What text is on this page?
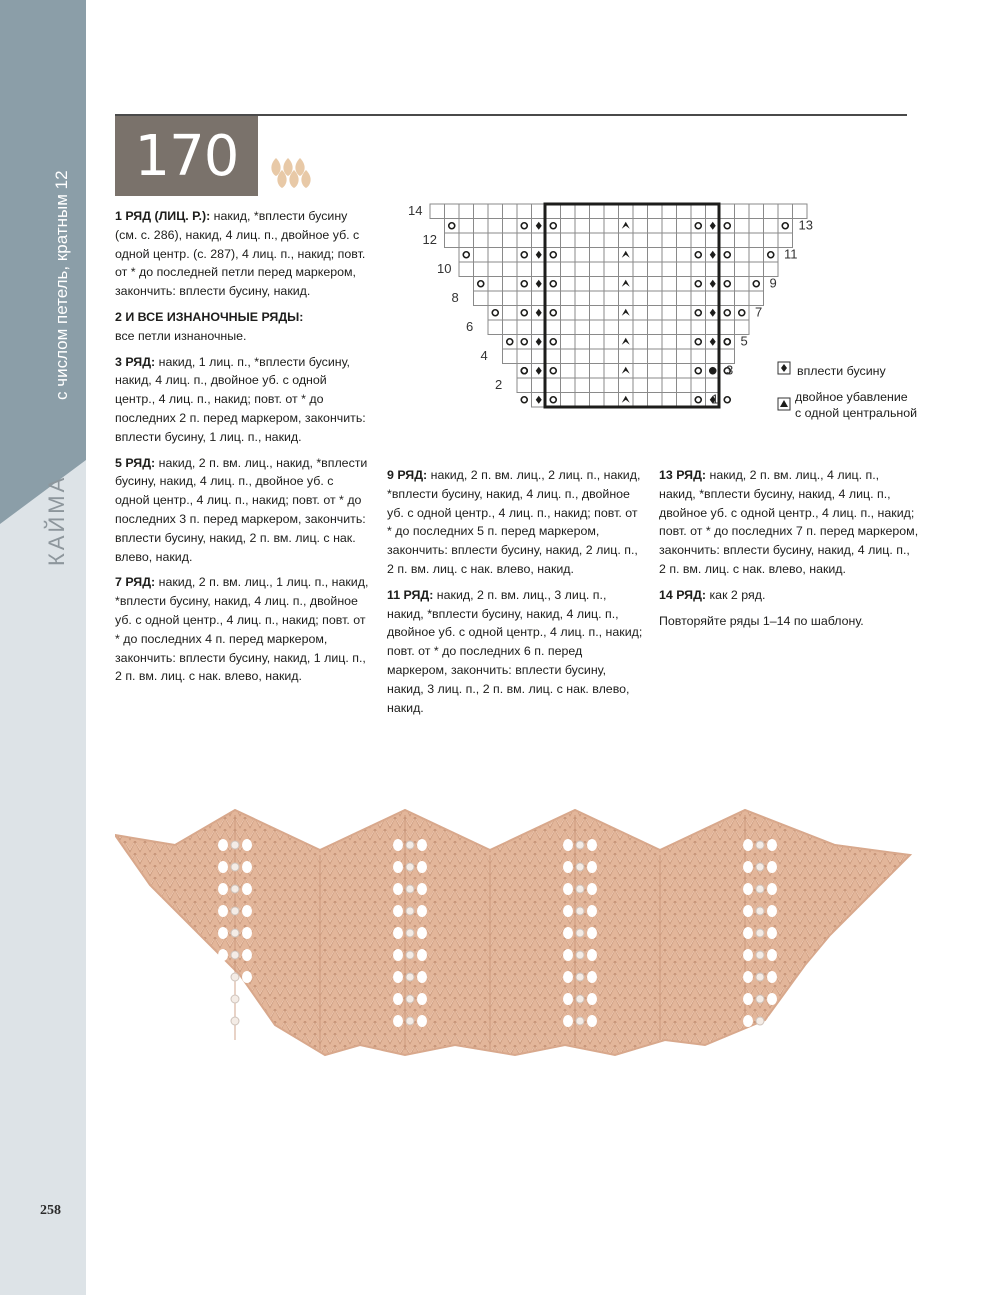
с числом петель, кратным 12
КАЙМА
258
170

1 РЯД (ЛИЦ. Р.): накид, *вплести бусину (см. с. 286), накид, 4 лиц. п., двойное уб. с одной центр. (с. 287), 4 лиц. п., накид; повт. от * до последней петли перед маркером, закончить: вплести бусину, накид.

2 И ВСЕ ИЗНАНОЧНЫЕ РЯДЫ:
все петли изнаночные.

3 РЯД: накид, 1 лиц. п., *вплести бусину, накид, 4 лиц. п., двойное уб. с одной центр., 4 лиц. п., накид; повт. от * до последних 2 п. перед маркером, закончить: вплести бусину, 1 лиц. п., накид.

5 РЯД: накид, 2 п. вм. лиц., накид, *вплести бусину, накид, 4 лиц. п., двойное уб. с одной центр., 4 лиц. п., накид; повт. от * до последних 3 п. перед маркером, закончить: вплести бусину, накид, 2 п. вм. лиц. с нак. влево, накид.

7 РЯД: накид, 2 п. вм. лиц., 1 лиц. п., накид, *вплести бусину, накид, 4 лиц. п., двойное уб. с одной центр., 4 лиц. п., накид; повт. от * до последних 4 п. перед маркером, закончить: вплести бусину, накид, 1 лиц. п., 2 п. вм. лиц. с нак. влево, накид.

9 РЯД: накид, 2 п. вм. лиц., 2 лиц. п., накид, *вплести бусину, накид, 4 лиц. п., двойное уб. с одной центр., 4 лиц. п., накид; повт. от * до последних 5 п. перед маркером, закончить: вплести бусину, накид, 2 лиц. п., 2 п. вм. лиц. с нак. влево, накид.

11 РЯД: накид, 2 п. вм. лиц., 3 лиц. п., накид, *вплести бусину, накид, 4 лиц. п., двойное уб. с одной центр., 4 лиц. п., накид; повт. от * до последних 6 п. перед маркером, закончить: вплести бусину, накид, 3 лиц. п., 2 п. вм. лиц. с нак. влево, накид.

13 РЯД: накид, 2 п. вм. лиц., 4 лиц. п., накид, *вплести бусину, накид, 4 лиц. п., двойное уб. с одной центр., 4 лиц. п., накид; повт. от * до последних 7 п. перед маркером, закончить: вплести бусину, накид, 4 лиц. п., 2 п. вм. лиц. с нак. влево, накид.

14 РЯД: как 2 ряд.

Повторяйте ряды 1–14 по шаблону.

14
13
12
11
10
9
8
7
6
5
4
3
2
1
вплести бусину
двойное убавление
с одной центральной
